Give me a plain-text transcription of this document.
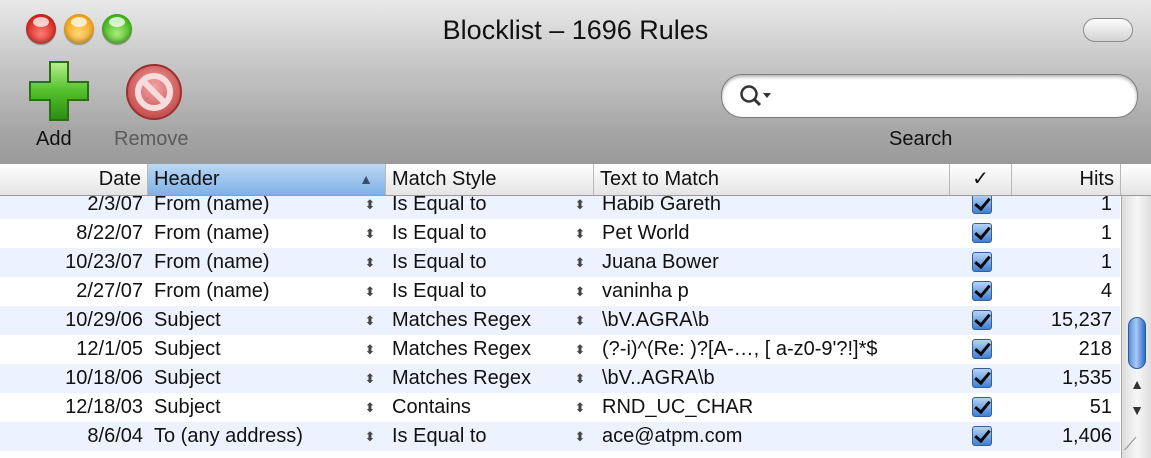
Blocklist – 1696 Rules
Add Remove	Search
Date Header	▲ Match Style	Text to Match	✓	Hits
2/3/07 From (name)	⬍ Is Equal to	⬍ Habib Gareth	1
8/22/07 From (name)	⬍ Is Equal to	⬍ Pet World	1
10/23/07 From (name)	⬍ Is Equal to	⬍ Juana Bower	1
2/27/07 From (name)	⬍ Is Equal to	⬍ vaninha p	4
10/29/06 Subject	⬍ Matches Regex	⬍ \bV.AGRA\b	15,237
12/1/05 Subject	⬍ Matches Regex	⬍ (?-i)^(Re: )?[A-…, [ a-z0-9'?!]*$	218
10/18/06 Subject	⬍ Matches Regex	⬍ \bV..AGRA\b	1,535
12/18/03 Subject	⬍ Contains	⬍ RND_UC_CHAR	51
8/6/04 To (any address)	⬍ Is Equal to	⬍ ace@atpm.com	1,406
▲
▼
⟋
